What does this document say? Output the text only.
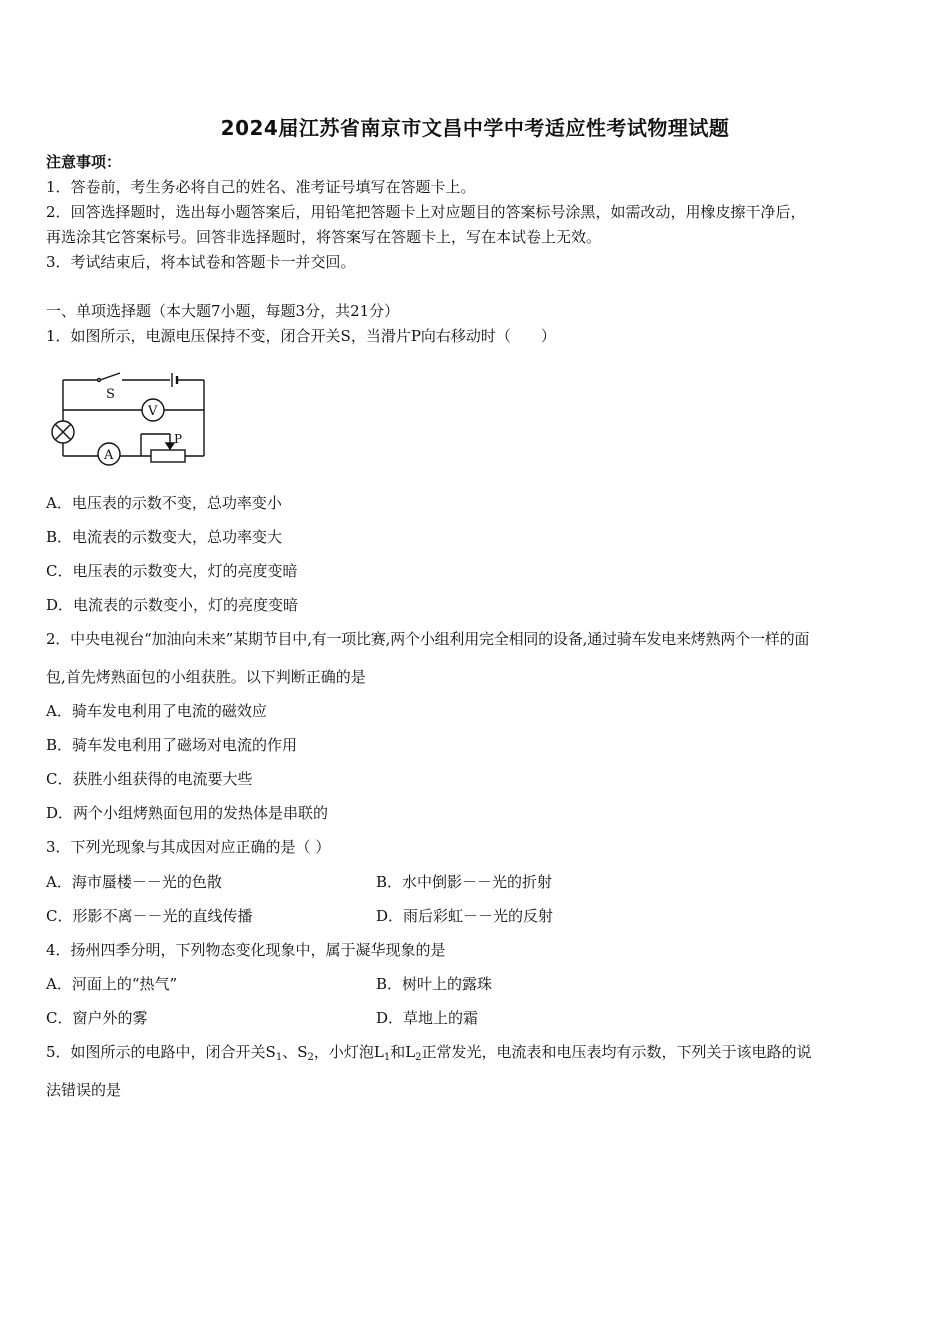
2024届江苏省南京市文昌中学中考适应性考试物理试题
注意事项：
1．答卷前，考生务必将自己的姓名、准考证号填写在答题卡上。
2．回答选择题时，选出每小题答案后，用铅笔把答题卡上对应题目的答案标号涂黑，如需改动，用橡皮擦干净后，
再选涂其它答案标号。回答非选择题时，将答案写在答题卡上，写在本试卷上无效。
3．考试结束后，将本试卷和答题卡一并交回。
一、单项选择题（本大题7小题，每题3分，共21分）
1．如图所示，电源电压保持不变，闭合开关S，当滑片P向右移动时（　　）
S
V
A
P
A．电压表的示数不变，总功率变小
B．电流表的示数变大，总功率变大
C．电压表的示数变大，灯的亮度变暗
D．电流表的示数变小，灯的亮度变暗
2．中央电视台“加油向未来”某期节目中,有一项比赛,两个小组利用完全相同的设备,通过骑车发电来烤熟两个一样的面
包,首先烤熟面包的小组获胜。以下判断正确的是
A．骑车发电利用了电流的磁效应
B．骑车发电利用了磁场对电流的作用
C．获胜小组获得的电流要大些
D．两个小组烤熟面包用的发热体是串联的
3．下列光现象与其成因对应正确的是（ ）
A．海市蜃楼－－光的色散	B．水中倒影－－光的折射
C．形影不离－－光的直线传播	D．雨后彩虹－－光的反射
4．扬州四季分明，下列物态变化现象中，属于凝华现象的是
A．河面上的“热气”	B．树叶上的露珠
C．窗户外的雾	D．草地上的霜
5．如图所示的电路中，闭合开关$S_1$、$S_2$，小灯泡$L_1$和$L_2$正常发光，电流表和电压表均有示数，下列关于该电路的说
法错误的是
